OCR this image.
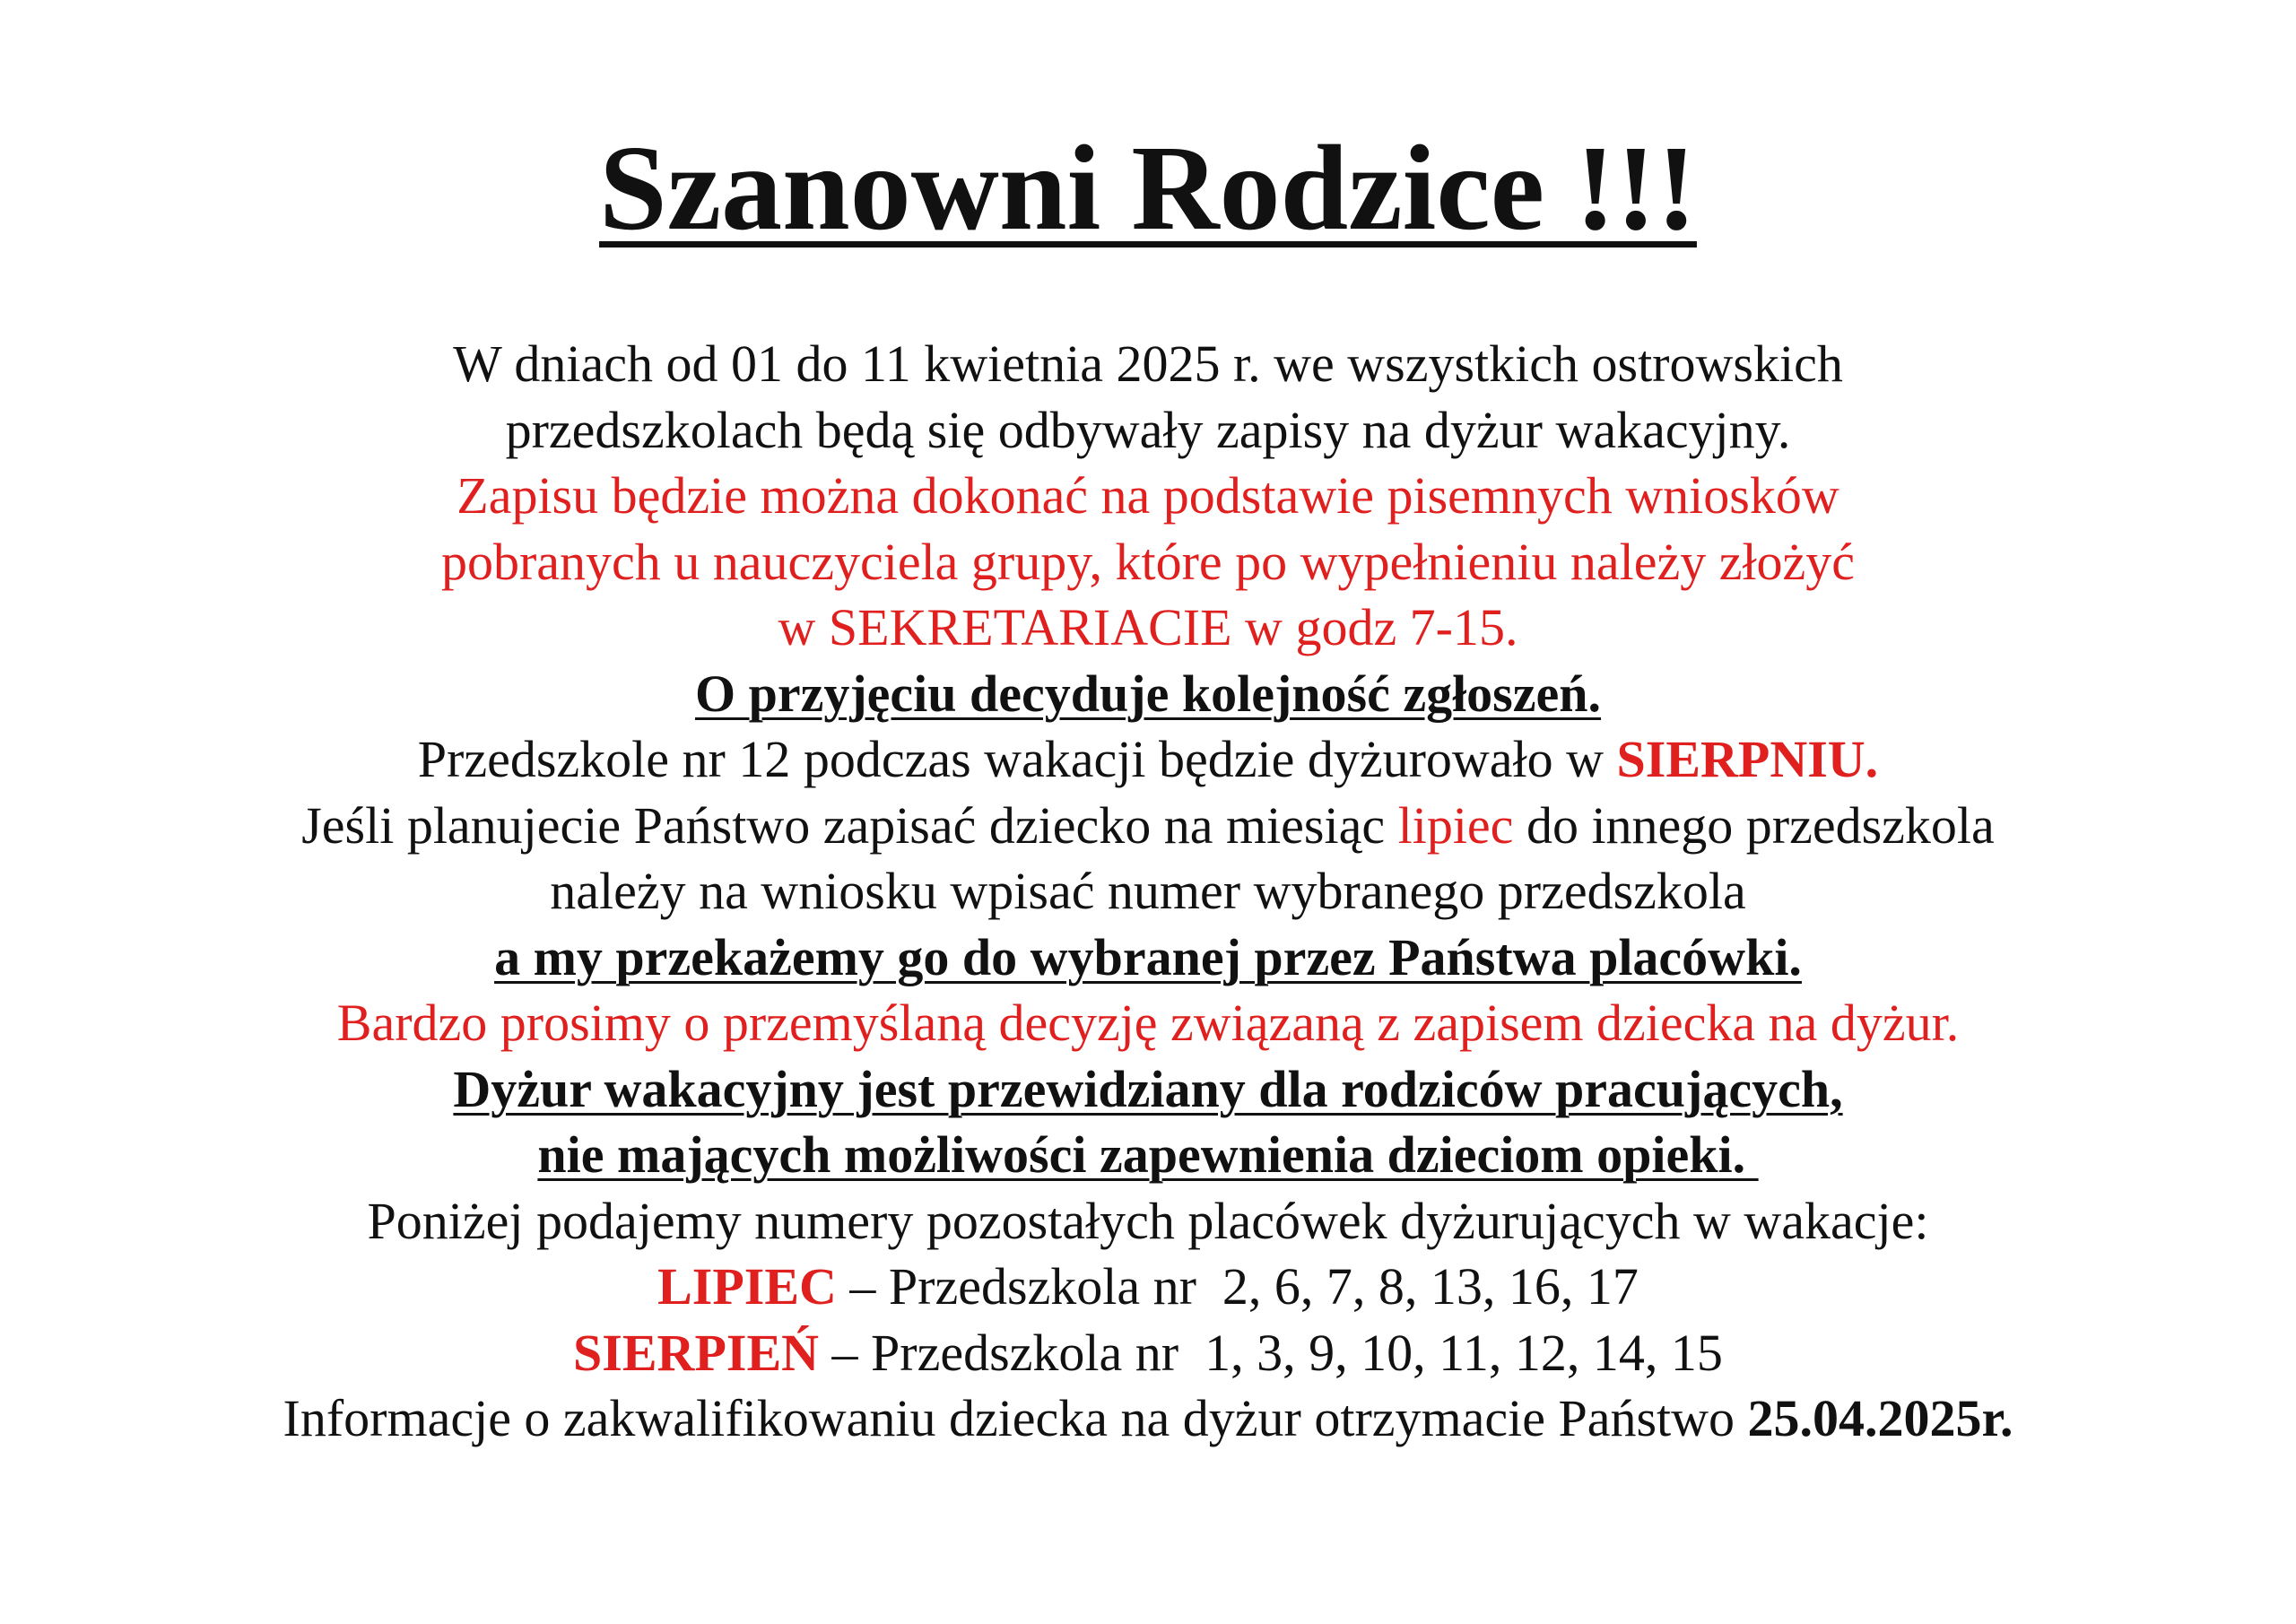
Szanowni Rodzice !!!
W dniach od 01 do 11 kwietnia 2025 r. we wszystkich ostrowskich
przedszkolach będą się odbywały zapisy na dyżur wakacyjny.
Zapisu będzie można dokonać na podstawie pisemnych wniosków
pobranych u nauczyciela grupy, które po wypełnieniu należy złożyć
w SEKRETARIACIE w godz 7-15.
O przyjęciu decyduje kolejność zgłoszeń.
Przedszkole nr 12 podczas wakacji będzie dyżurowało w SIERPNIU.
Jeśli planujecie Państwo zapisać dziecko na miesiąc lipiec do innego przedszkola
należy na wniosku wpisać numer wybranego przedszkola
a my przekażemy go do wybranej przez Państwa placówki.
Bardzo prosimy o przemyślaną decyzję związaną z zapisem dziecka na dyżur.
Dyżur wakacyjny jest przewidziany dla rodziców pracujących,
nie mających możliwości zapewnienia dzieciom opieki.
Poniżej podajemy numery pozostałych placówek dyżurujących w wakacje:
LIPIEC – Przedszkola nr  2, 6, 7, 8, 13, 16, 17
SIERPIEŃ – Przedszkola nr  1, 3, 9, 10, 11, 12, 14, 15
Informacje o zakwalifikowaniu dziecka na dyżur otrzymacie Państwo 25.04.2025r.
